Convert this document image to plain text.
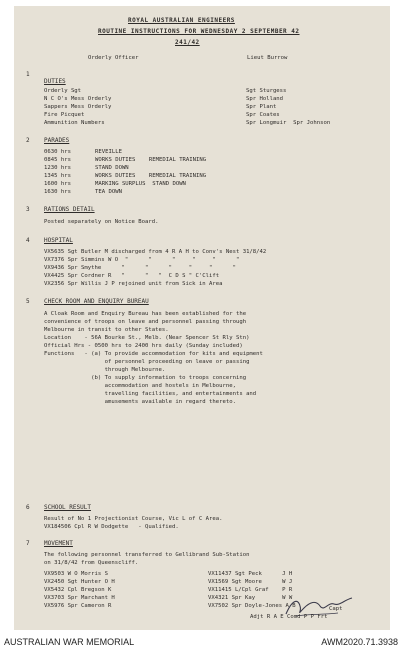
ROYAL AUSTRALIAN ENGINEERS
ROUTINE INSTRUCTIONS FOR WEDNESDAY 2 SEPTEMBER 42
241/42
Orderly Officer	Lieut Burrow
1
DUTIES
Orderly Sgt	Sgt Sturgess
N C O's Mess Orderly	Spr Holland
Sappers Mess Orderly	Spr Plant
Fire Picquet	Spr Coates
Ammunition Numbers	Spr Longmuir  Spr Johnson
2 PARADES
0630 hrs	REVEILLE
0845 hrs	WORKS DUTIES    REMEDIAL TRAINING
1230 hrs	STAND DOWN
1345 hrs	WORKS DUTIES    REMEDIAL TRAINING
1600 hrs	MARKING SURPLUS  STAND DOWN
1630 hrs	TEA DOWN
3 RATIONS DETAIL
Posted separately on Notice Board.
4 HOSPITAL
VX5635 Sgt Butler M discharged from 4 R A H to Conv's Nest 31/8/42
VX7376 Spr Simmins W O  "      "      "     "     "      "
VX9436 Spr Smythe      "      "      "     "     "      "
VX4425 Spr Cordner R   "      "   "  C D S " C'Clift
VX2356 Spr Willis J P rejoined unit from Sick in Area
5 CHECK ROOM AND ENQUIRY BUREAU
A Cloak Room and Enquiry Bureau has been established for the
convenience of troops on leave and personnel passing through
Melbourne in transit to other States.
Location    - 56A Bourke St., Melb. (Near Spencer St Rly Stn)
Official Hrs - 0500 hrs to 2400 hrs daily (Sunday included)
Functions   - (a) To provide accommodation for kits and equipment
of personnel proceeding on leave or passing
through Melbourne.
(b) To supply information to troops concerning
accommodation and hostels in Melbourne,
travelling facilities, and entertainments and
amusements available in regard thereto.
6 SCHOOL RESULT
Result of No 1 Projectionist Course, Vic L of C Area.
VX184506 Cpl R W Dodgette   - Qualified.
7 MOVEMENT
The following personnel transferred to Gellibrand Sub-Station
on 31/8/42 from Queenscliff.
VX9503 W O Morris S
VX2450 Sgt Hunter O H
VX5432 Cpl Bregson K
VX3703 Spr Marchant H
VX5976 Spr Cameron R
VX11437 Sgt Peck      J H
VX1569 Sgt Moore      W J
VX11415 L/Cpl Graf    P R
VX4321 Spr Kay        W W
VX7502 Spr Doyle-Jones A B	Capt
Adjt R A E Comd P P Frt
AUSTRALIAN WAR MEMORIAL	AWM2020.71.3938
